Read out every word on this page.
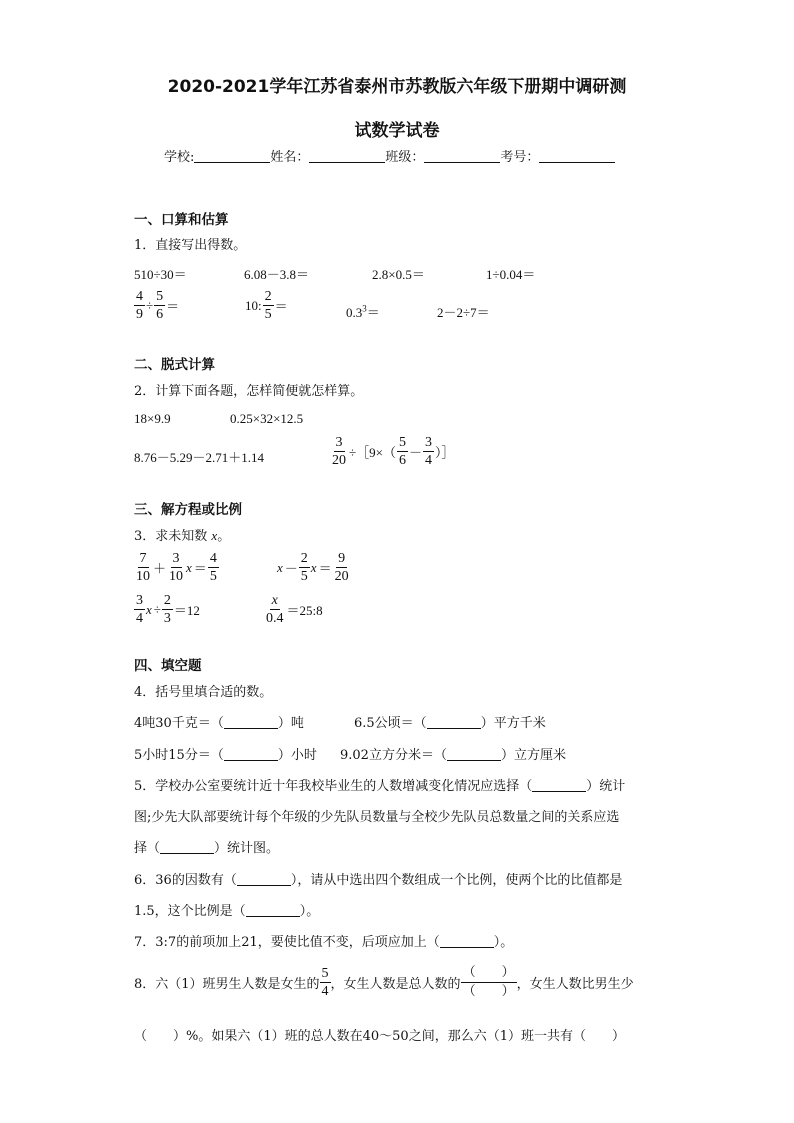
2020-2021学年江苏省泰州市苏教版六年级下册期中调研测
试数学试卷
学校:	姓名：	班级：	考号：
一、口算和估算
1．直接写出得数。
510÷30＝	6.08－3.8＝	2.8×0.5＝	1÷0.04＝
$\frac{4}{9} \div \frac{5}{6}$ ＝	10: $\frac{2}{5}$ ＝	$0.3^3=$	2－2÷7＝
二、脱式计算
2．计算下面各题，怎样简便就怎样算。
18×9.9	0.25×32×12.5
8.76－5.29－2.71＋1.14	$\frac{3}{20}$ ÷［9×（ $\frac{5}{6} - \frac{3}{4}$ ）］
三、解方程或比例
3．求未知数 x。
$\frac{7}{10} + \frac{3}{10}$ $x = \frac{4}{5}$	$x - \frac{2}{5}$ $x = \frac{9}{20}$
$\frac{3}{4}$ $x \div \frac{2}{3} =12$	$\frac{x}{0.4}$ ＝25:8
四、填空题
4．括号里填合适的数。
4吨30千克＝（	）吨	6.5公顷＝（	）平方千米
5小时15分＝（	）小时 9.02立方分米＝（	）立方厘米
5．学校办公室要统计近十年我校毕业生的人数增减变化情况应选择（	）统计
图;少先大队部要统计每个年级的少先队员数量与全校少先队员总数量之间的关系应选
择（	）统计图。
6．36的因数有（	），请从中选出四个数组成一个比例，使两个比的比值都是
1.5，这个比例是（	）。
7．3:7的前项加上21，要使比值不变，后项应加上（	）。
8．六（1）班男生人数是女生的 $\frac{5}{4}$ ，女生人数是总人数的 $\frac{( )}{( )}$ ，女生人数比男生少
（　　）%。如果六（1）班的总人数在40～50之间，那么六（1）班一共有（　　）
